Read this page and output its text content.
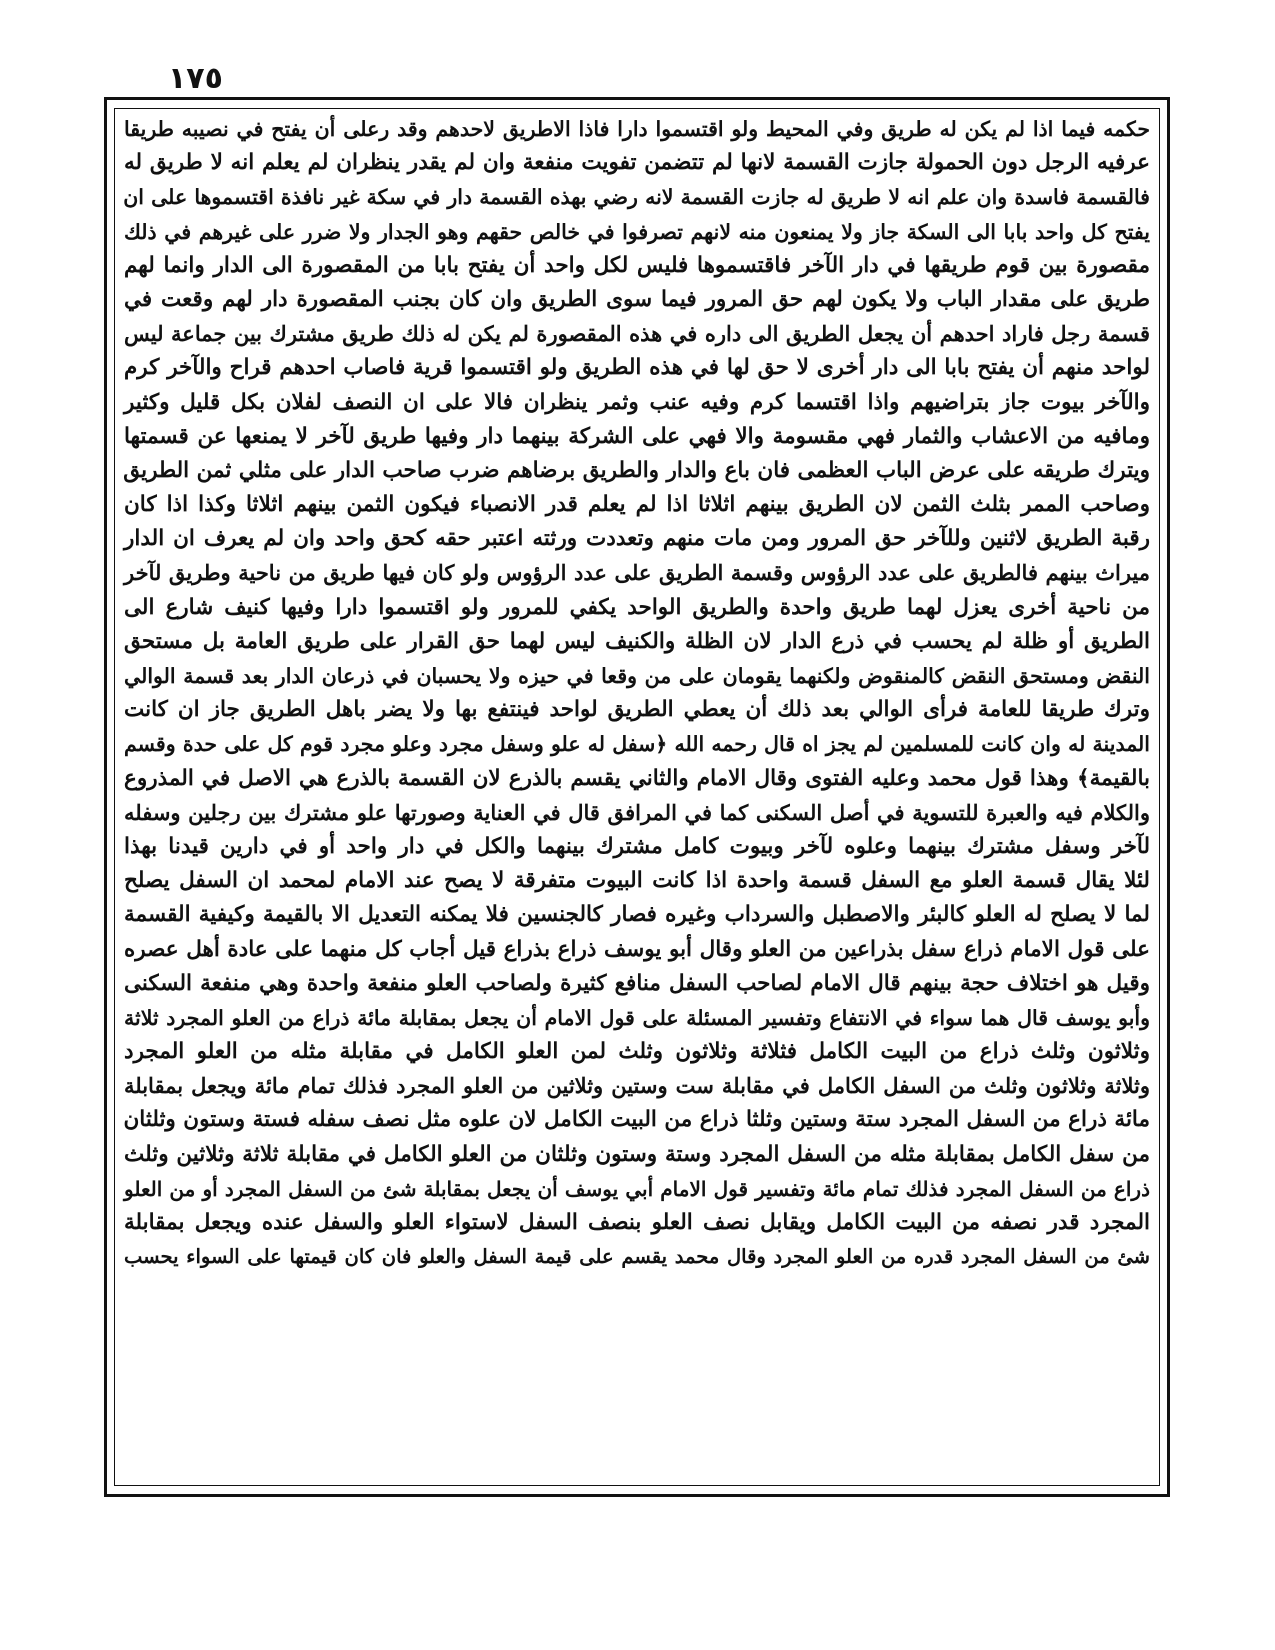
١٧٥
حكمه فيما اذا لم يكن له طريق وفي المحيط ولو اقتسموا دارا فاذا الاطريق لاحدهم وقد رعلى أن يفتح في نصيبه طريقا
عرفيه الرجل دون الحمولة جازت القسمة لانها لم تتضمن تفويت منفعة وان لم يقدر ينظران لم يعلم انه لا طريق له
فالقسمة فاسدة وان علم انه لا طريق له جازت القسمة لانه رضي بهذه القسمة دار في سكة غير نافذة اقتسموها على ان
يفتح كل واحد بابا الى السكة جاز ولا يمنعون منه لانهم تصرفوا في خالص حقهم وهو الجدار ولا ضرر على غيرهم في ذلك
مقصورة بين قوم طريقها في دار الآخر فاقتسموها فليس لكل واحد أن يفتح بابا من المقصورة الى الدار وانما لهم
طريق على مقدار الباب ولا يكون لهم حق المرور فيما سوى الطريق وان كان بجنب المقصورة دار لهم وقعت في
قسمة رجل فاراد احدهم أن يجعل الطريق الى داره في هذه المقصورة لم يكن له ذلك طريق مشترك بين جماعة ليس
لواحد منهم أن يفتح بابا الى دار أخرى لا حق لها في هذه الطريق ولو اقتسموا قرية فاصاب احدهم قراح والآخر كرم
والآخر بيوت جاز بتراضيهم واذا اقتسما كرم وفيه عنب وثمر ينظران فالا على ان النصف لفلان بكل قليل وكثير
ومافيه من الاعشاب والثمار فهي مقسومة والا فهي على الشركة بينهما دار وفيها طريق لآخر لا يمنعها عن قسمتها
ويترك طريقه على عرض الباب العظمى فان باع والدار والطريق برضاهم ضرب صاحب الدار على مثلي ثمن الطريق
وصاحب الممر بثلث الثمن لان الطريق بينهم اثلاثا اذا لم يعلم قدر الانصباء فيكون الثمن بينهم اثلاثا وكذا اذا كان
رقبة الطريق لاثنين وللآخر حق المرور ومن مات منهم وتعددت ورثته اعتبر حقه كحق واحد وان لم يعرف ان الدار
ميراث بينهم فالطريق على عدد الرؤوس وقسمة الطريق على عدد الرؤوس ولو كان فيها طريق من ناحية وطريق لآخر
من ناحية أخرى يعزل لهما طريق واحدة والطريق الواحد يكفي للمرور ولو اقتسموا دارا وفيها كنيف شارع الى
الطريق أو ظلة لم يحسب في ذرع الدار لان الظلة والكنيف ليس لهما حق القرار على طريق العامة بل مستحق
النقض ومستحق النقض كالمنقوض ولكنهما يقومان على من وقعا في حيزه ولا يحسبان في ذرعان الدار بعد قسمة الوالي
وترك طريقا للعامة فرأى الوالي بعد ذلك أن يعطي الطريق لواحد فينتفع بها ولا يضر باهل الطريق جاز ان كانت
المدينة له وان كانت للمسلمين لم يجز اه قال رحمه الله ﴿سفل له علو وسفل مجرد وعلو مجرد قوم كل على حدة وقسم
بالقيمة﴾ وهذا قول محمد وعليه الفتوى وقال الامام والثاني يقسم بالذرع لان القسمة بالذرع هي الاصل في المذروع
والكلام فيه والعبرة للتسوية في أصل السكنى كما في المرافق قال في العناية وصورتها علو مشترك بين رجلين وسفله
لآخر وسفل مشترك بينهما وعلوه لآخر وبيوت كامل مشترك بينهما والكل في دار واحد أو في دارين قيدنا بهذا
لئلا يقال قسمة العلو مع السفل قسمة واحدة اذا كانت البيوت متفرقة لا يصح عند الامام لمحمد ان السفل يصلح
لما لا يصلح له العلو كالبئر والاصطبل والسرداب وغيره فصار كالجنسين فلا يمكنه التعديل الا بالقيمة وكيفية القسمة
على قول الامام ذراع سفل بذراعين من العلو وقال أبو يوسف ذراع بذراع قيل أجاب كل منهما على عادة أهل عصره
وقيل هو اختلاف حجة بينهم قال الامام لصاحب السفل منافع كثيرة ولصاحب العلو منفعة واحدة وهي منفعة السكنى
وأبو يوسف قال هما سواء في الانتفاع وتفسير المسئلة على قول الامام أن يجعل بمقابلة مائة ذراع من العلو المجرد ثلاثة
وثلاثون وثلث ذراع من البيت الكامل فثلاثة وثلاثون وثلث لمن العلو الكامل في مقابلة مثله من العلو المجرد
وثلاثة وثلاثون وثلث من السفل الكامل في مقابلة ست وستين وثلاثين من العلو المجرد فذلك تمام مائة ويجعل بمقابلة
مائة ذراع من السفل المجرد ستة وستين وثلثا ذراع من البيت الكامل لان علوه مثل نصف سفله فستة وستون وثلثان
من سفل الكامل بمقابلة مثله من السفل المجرد وستة وستون وثلثان من العلو الكامل في مقابلة ثلاثة وثلاثين وثلث
ذراع من السفل المجرد فذلك تمام مائة وتفسير قول الامام أبي يوسف أن يجعل بمقابلة شئ من السفل المجرد أو من العلو
المجرد قدر نصفه من البيت الكامل ويقابل نصف العلو بنصف السفل لاستواء العلو والسفل عنده ويجعل بمقابلة
شئ من السفل المجرد قدره من العلو المجرد وقال محمد يقسم على قيمة السفل والعلو فان كان قيمتها على السواء يحسب
